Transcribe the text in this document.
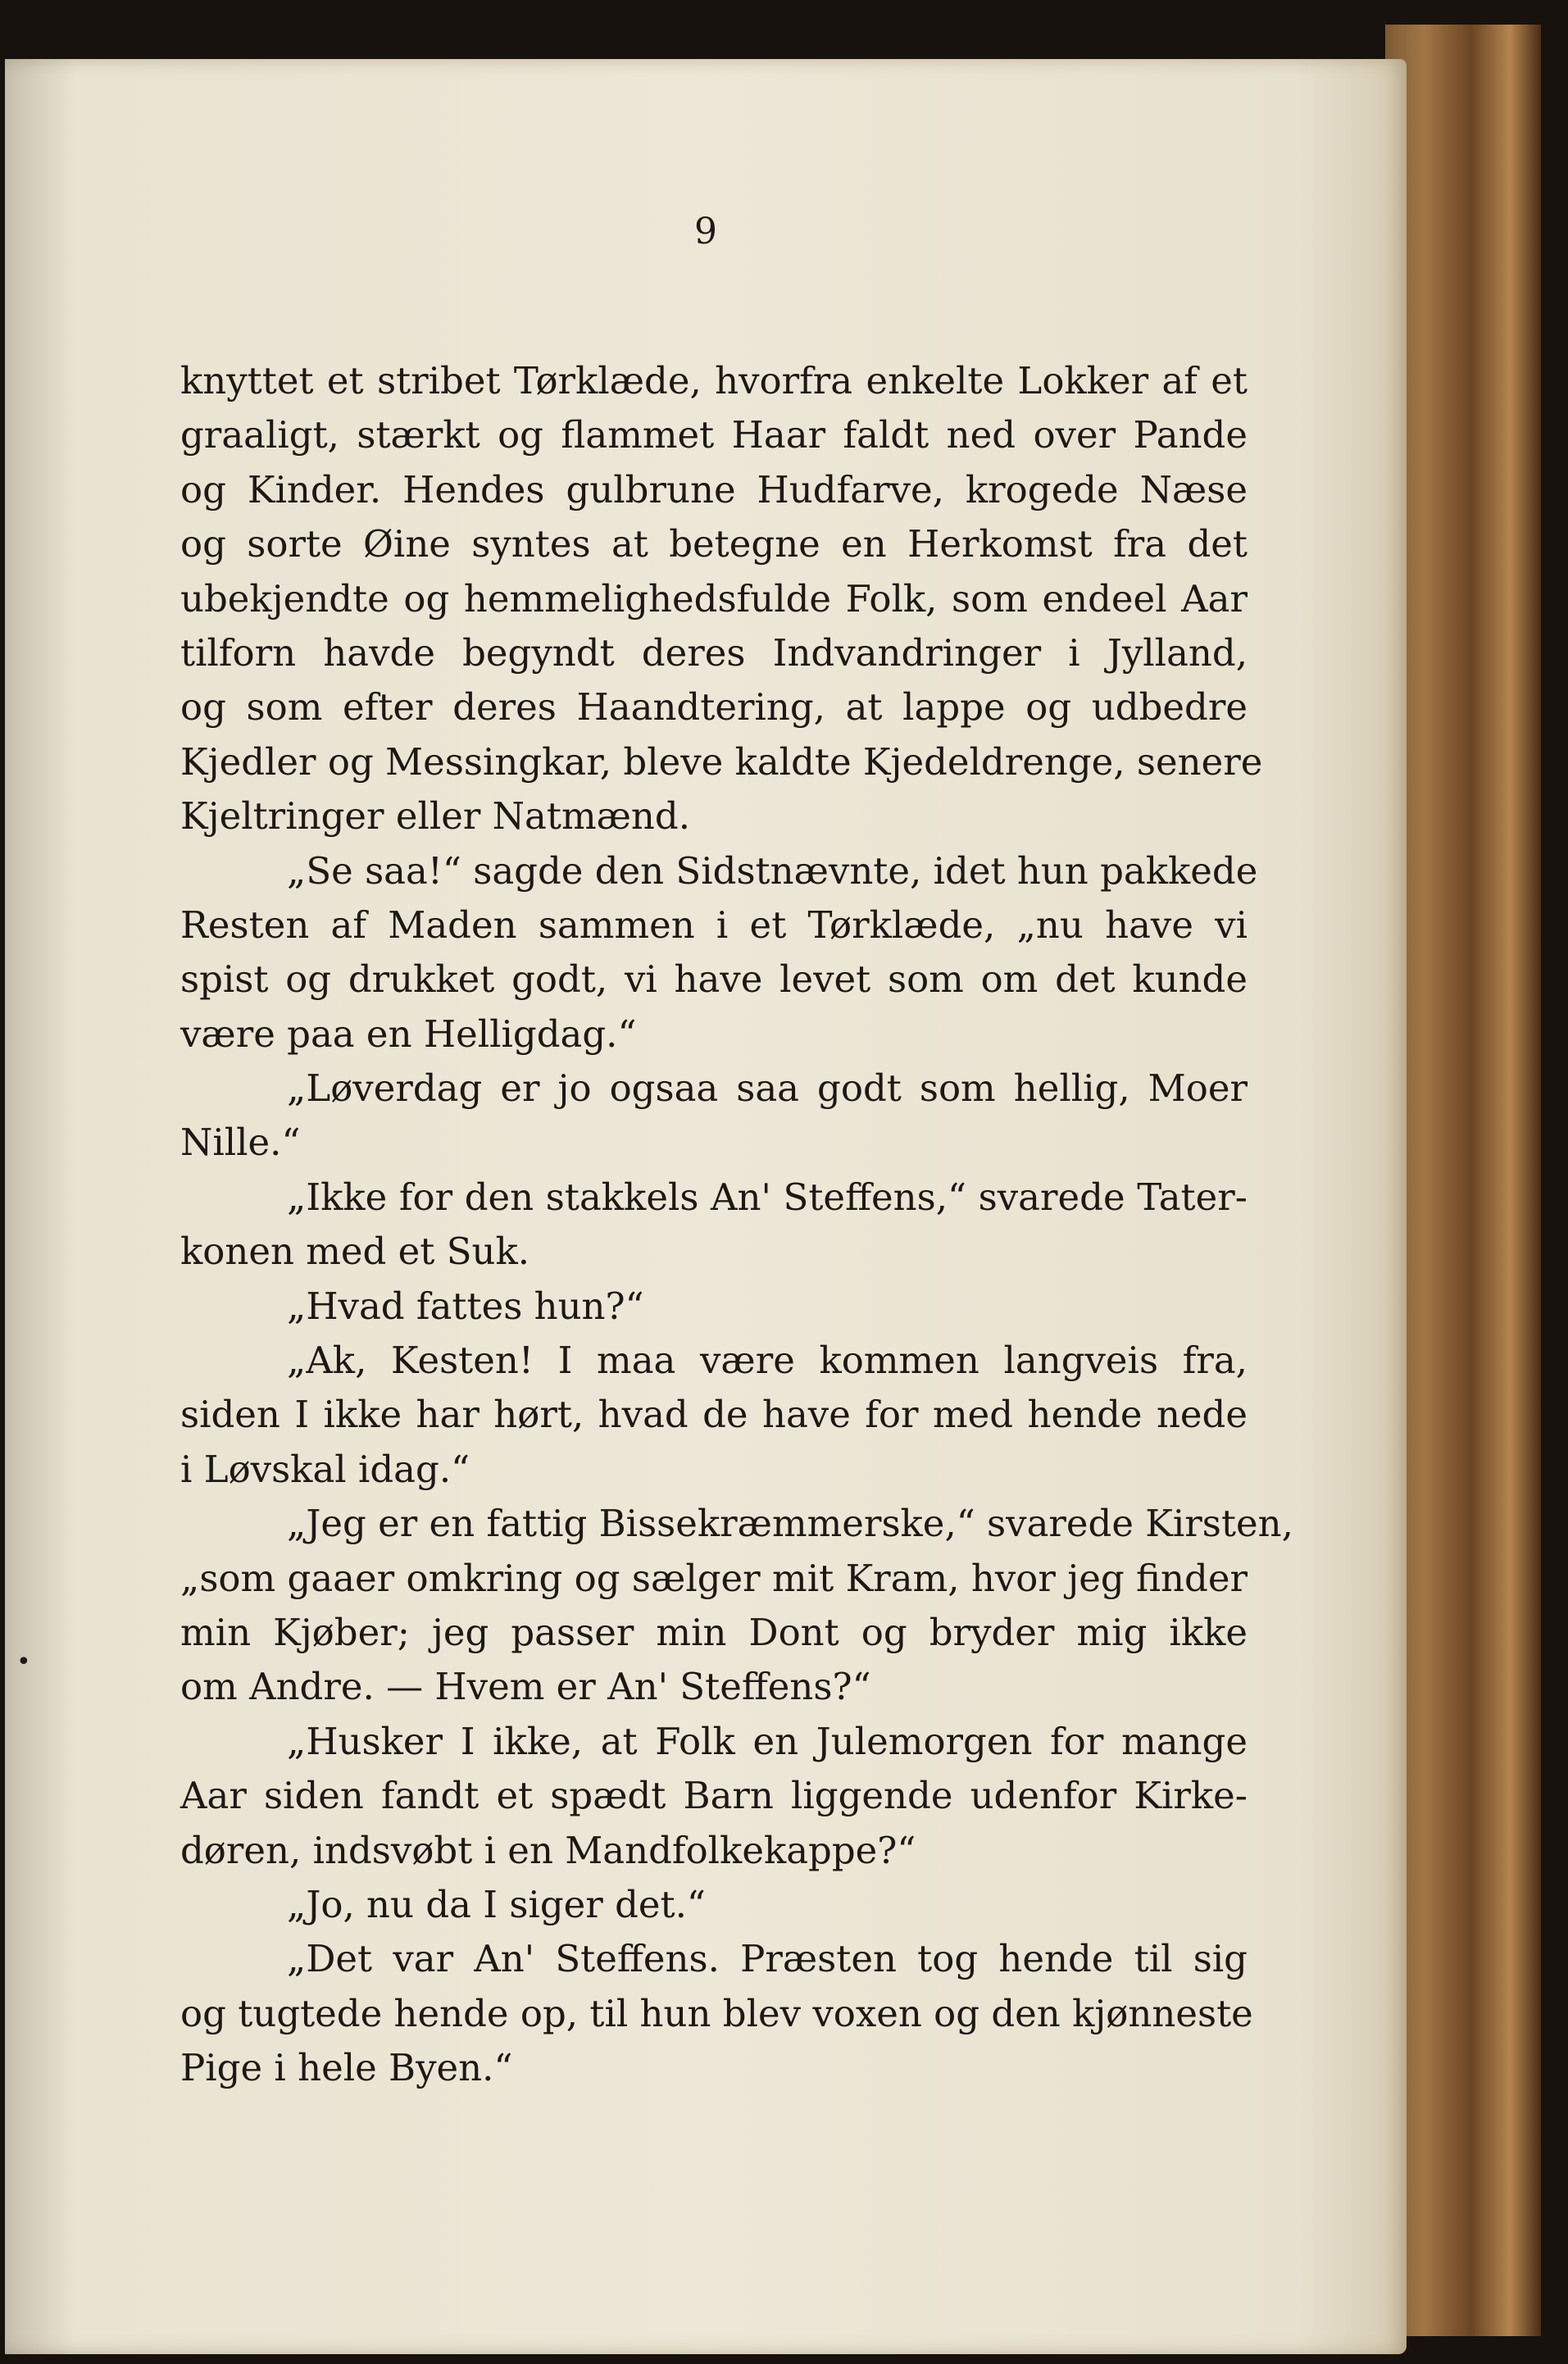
9
knyttet et stribet Tørklæde, hvorfra enkelte Lokker af et
graaligt, stærkt og flammet Haar faldt ned over Pande
og Kinder. Hendes gulbrune Hudfarve, krogede Næse
og sorte Øine syntes at betegne en Herkomst fra det
ubekjendte og hemmelighedsfulde Folk, som endeel Aar
tilforn havde begyndt deres Indvandringer i Jylland,
og som efter deres Haandtering, at lappe og udbedre
Kjedler og Messingkar, bleve kaldte Kjedeldrenge, senere
Kjeltringer eller Natmænd.
„Se saa!“ sagde den Sidstnævnte, idet hun pakkede
Resten af Maden sammen i et Tørklæde, „nu have vi
spist og drukket godt, vi have levet som om det kunde
være paa en Helligdag.“
„Løverdag er jo ogsaa saa godt som hellig, Moer
Nille.“
„Ikke for den stakkels An' Steffens,“ svarede Tater-
konen med et Suk.
„Hvad fattes hun?“
„Ak, Kesten! I maa være kommen langveis fra,
siden I ikke har hørt, hvad de have for med hende nede
i Løvskal idag.“
„Jeg er en fattig Bissekræmmerske,“ svarede Kirsten,
„som gaaer omkring og sælger mit Kram, hvor jeg finder
min Kjøber; jeg passer min Dont og bryder mig ikke
om Andre. — Hvem er An' Steffens?“
„Husker I ikke, at Folk en Julemorgen for mange
Aar siden fandt et spædt Barn liggende udenfor Kirke-
døren, indsvøbt i en Mandfolkekappe?“
„Jo, nu da I siger det.“
„Det var An' Steffens. Præsten tog hende til sig
og tugtede hende op, til hun blev voxen og den kjønneste
Pige i hele Byen.“
•
